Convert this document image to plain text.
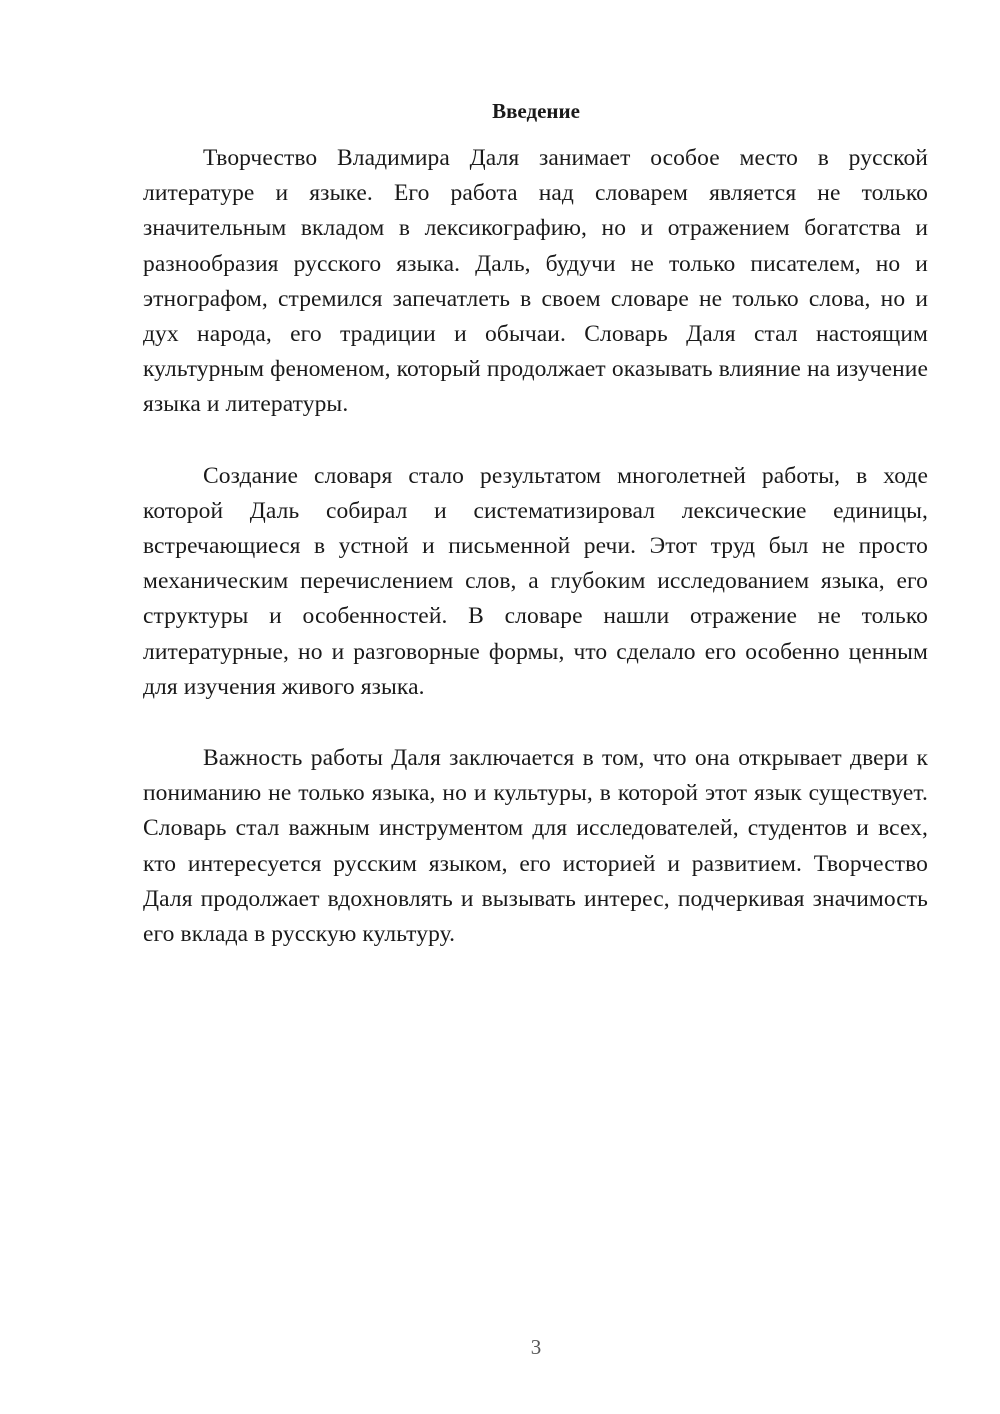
Введение

Творчество Владимира Даля занимает особое место в русской литературе и языке. Его работа над словарем является не только значительным вкладом в лексикографию, но и отражением богатства и разнообразия русского языка. Даль, будучи не только писателем, но и этнографом, стремился запечатлеть в своем словаре не только слова, но и дух народа, его традиции и обычаи. Словарь Даля стал настоящим культурным феноменом, который продолжает оказывать влияние на изучение языка и литературы.

Создание словаря стало результатом многолетней работы, в ходе которой Даль собирал и систематизировал лексические единицы, встречающиеся в устной и письменной речи. Этот труд был не просто механическим перечислением слов, а глубоким исследованием языка, его структуры и особенностей. В словаре нашли отражение не только литературные, но и разговорные формы, что сделало его особенно ценным для изучения живого языка.

Важность работы Даля заключается в том, что она открывает двери к пониманию не только языка, но и культуры, в которой этот язык существует. Словарь стал важным инструментом для исследователей, студентов и всех, кто интересуется русским языком, его историей и развитием. Творчество Даля продолжает вдохновлять и вызывать интерес, подчеркивая значимость его вклада в русскую культуру.

3
